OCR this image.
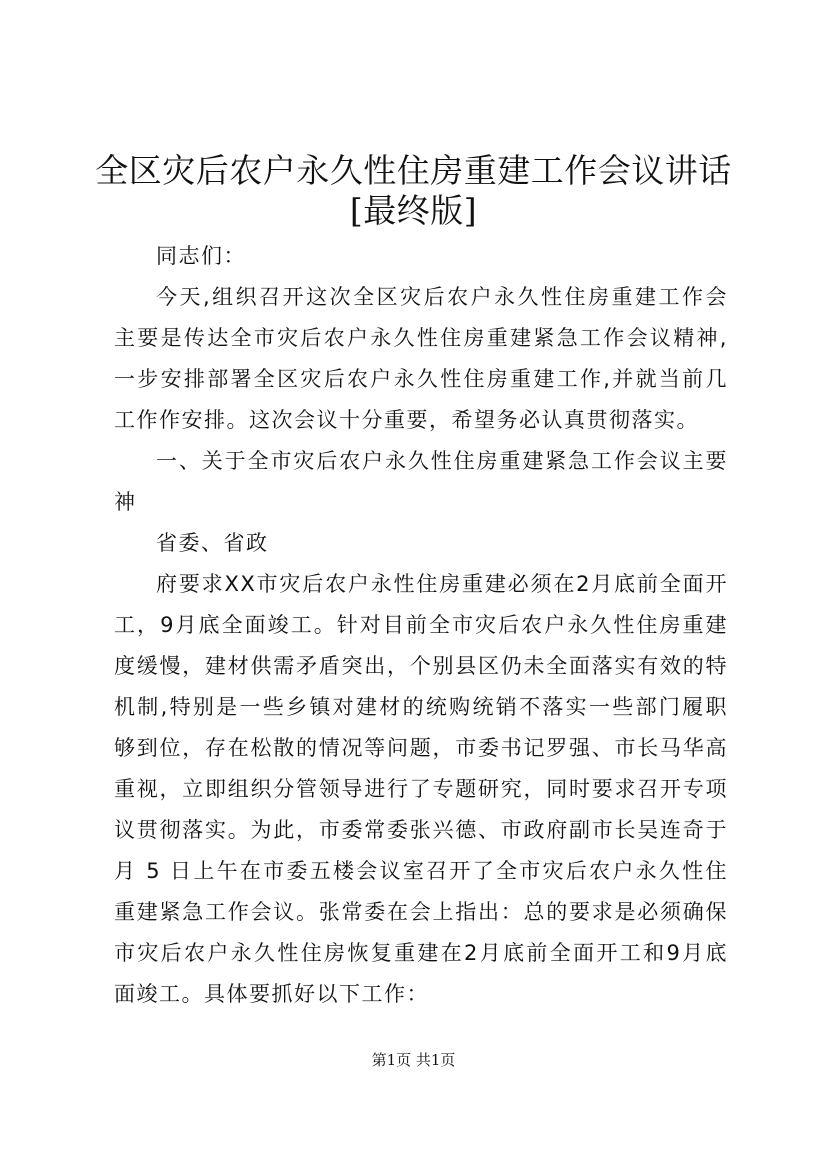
全区灾后农户永久性住房重建工作会议讲话
[最终版]
同志们：
今天,组织召开这次全区灾后农户永久性住房重建工作会
主要是传达全市灾后农户永久性住房重建紧急工作会议精神,
一步安排部署全区灾后农户永久性住房重建工作,并就当前几
工作作安排。这次会议十分重要，希望务必认真贯彻落实。
一、关于全市灾后农户永久性住房重建紧急工作会议主要
神
省委、省政
府要求XX市灾后农户永性住房重建必须在2月底前全面开
工，9月底全面竣工。针对目前全市灾后农户永久性住房重建
度缓慢，建材供需矛盾突出，个别县区仍未全面落实有效的特
机制,特别是一些乡镇对建材的统购统销不落实一些部门履职
够到位，存在松散的情况等问题，市委书记罗强、市长马华高
重视，立即组织分管领导进行了专题研究，同时要求召开专项
议贯彻落实。为此，市委常委张兴德、市政府副市长吴连奇于
月 5 日上午在市委五楼会议室召开了全市灾后农户永久性住
重建紧急工作会议。张常委在会上指出：总的要求是必须确保
市灾后农户永久性住房恢复重建在2月底前全面开工和9月底
面竣工。具体要抓好以下工作：
第1页 共1页
